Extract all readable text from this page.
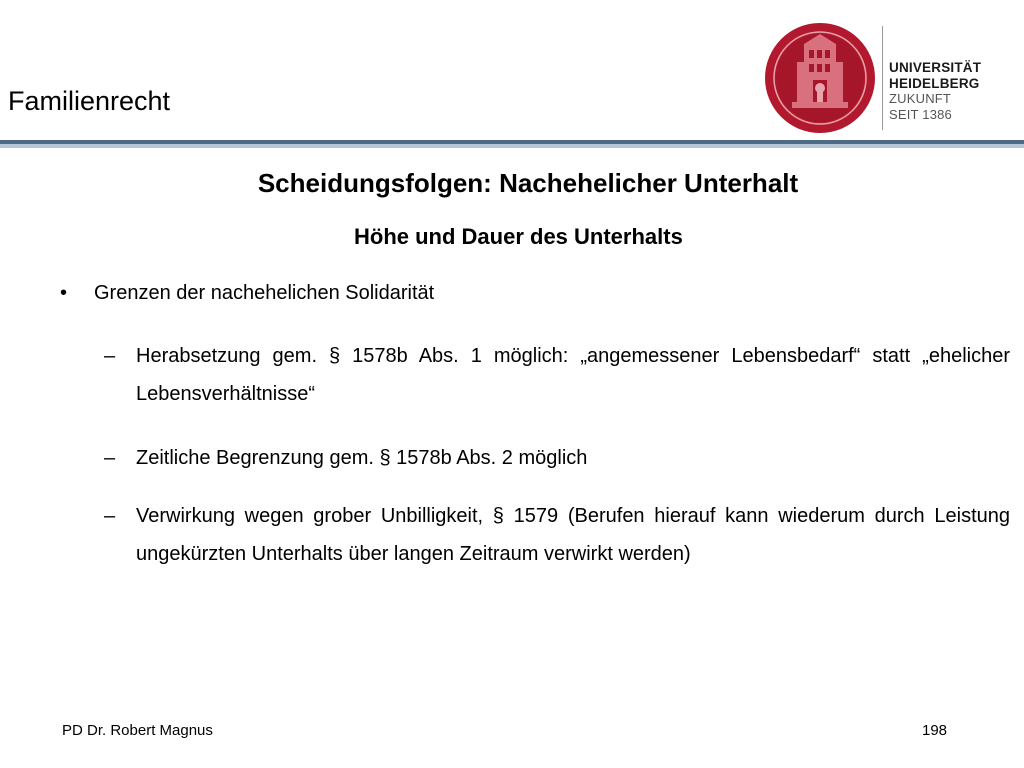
Familienrecht
UNIVERSITÄT
HEIDELBERG
ZUKUNFT
SEIT 1386
Scheidungsfolgen: Nachehelicher Unterhalt
Höhe und Dauer des Unterhalts
• Grenzen der nachehelichen Solidarität
– Herabsetzung gem. § 1578b Abs. 1 möglich: „angemessener Lebensbedarf“ statt „ehelicher Lebensverhältnisse“
– Zeitliche Begrenzung gem. § 1578b Abs. 2 möglich
– Verwirkung wegen grober Unbilligkeit, § 1579 (Berufen hierauf kann wiederum durch Leistung ungekürzten Unterhalts über langen Zeitraum verwirkt werden)
PD Dr. Robert Magnus	198
